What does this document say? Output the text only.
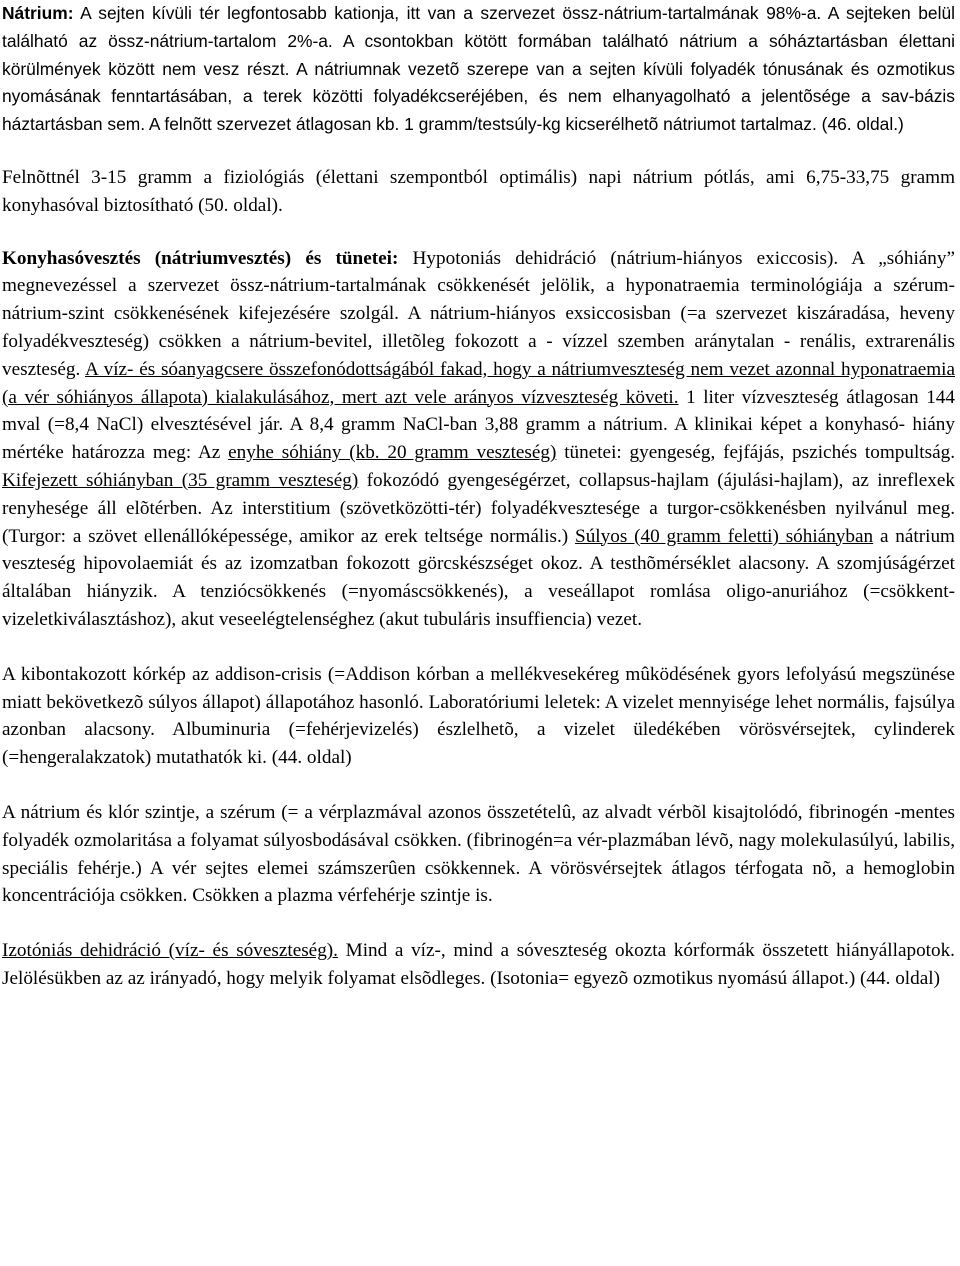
Nátrium: A sejten kívüli tér legfontosabb kationja, itt van a szervezet össz-nátrium-tartalmának 98%-a. A sejteken belül található az össz-nátrium-tartalom 2%-a. A csontokban kötött formában található nátrium a sóháztartásban élettani körülmények között nem vesz részt. A nátriumnak vezetõ szerepe van a sejten kívüli folyadék tónusának és ozmotikus nyomásának fenntartásában, a terek közötti folyadékcseréjében, és nem elhanyagolható a jelentõsége a sav-bázis háztartásban sem. A felnõtt szervezet átlagosan kb. 1 gramm/testsúly-kg kicserélhetõ nátriumot tartalmaz. (46. oldal.)

Felnõttnél 3-15 gramm a fiziológiás (élettani szempontból optimális) napi nátrium pótlás, ami 6,75-33,75 gramm konyhasóval biztosítható (50. oldal).

Konyhasóvesztés (nátriumvesztés) és tünetei: Hypotoniás dehidráció (nátrium-hiányos exiccosis). A „sóhiány” megnevezéssel a szervezet össz-nátrium-tartalmának csökkenését jelölik, a hyponatraemia terminológiája a szérum-nátrium-szint csökkenésének kifejezésére szolgál. A nátrium-hiányos exsiccosisban (=a szervezet kiszáradása, heveny folyadékveszteség) csökken a nátrium-bevitel, illetõleg fokozott a - vízzel szemben aránytalan - renális, extrarenális veszteség. A víz- és sóanyagcsere összefonódottságából fakad, hogy a nátriumveszteség nem vezet azonnal hyponatraemia (a vér sóhiányos állapota) kialakulásához, mert azt vele arányos vízveszteség követi. 1 liter vízveszteség átlagosan 144 mval (=8,4 NaCl) elvesztésével jár. A 8,4 gramm NaCl-ban 3,88 gramm a nátrium. A klinikai képet a konyhasó- hiány mértéke határozza meg: Az enyhe sóhiány (kb. 20 gramm veszteség) tünetei: gyengeség, fejfájás, pszichés tompultság. Kifejezett sóhiányban (35 gramm veszteség) fokozódó gyengeségérzet, collapsus-hajlam (ájulási-hajlam), az inreflexek renyhesége áll elõtérben. Az interstitium (szövetközötti-tér) folyadékvesztesége a turgor-csökkenésben nyilvánul meg. (Turgor: a szövet ellenállóképessége, amikor az erek teltsége normális.) Súlyos (40 gramm feletti) sóhiányban a nátrium veszteség hipovolaemiát és az izomzatban fokozott görcskészséget okoz. A testhõmérséklet alacsony. A szomjúságérzet általában hiányzik. A tenziócsökkenés (=nyomáscsökkenés), a veseállapot romlása oligo-anuriához (=csökkent-vizeletkiválasztáshoz), akut veseelégtelenséghez (akut tubuláris insuffiencia) vezet.

A kibontakozott kórkép az addison-crisis (=Addison kórban a mellékvesekéreg mûködésének gyors lefolyású megszünése miatt bekövetkezõ súlyos állapot) állapotához hasonló. Laboratóriumi leletek: A vizelet mennyisége lehet normális, fajsúlya azonban alacsony. Albuminuria (=fehérjevizelés) észlelhetõ, a vizelet üledékében vörösvérsejtek, cylinderek (=hengeralakzatok) mutathatók ki. (44. oldal)

A nátrium és klór szintje, a szérum (= a vérplazmával azonos összetételû, az alvadt vérbõl kisajtolódó, fibrinogén -mentes folyadék ozmolaritása a folyamat súlyosbodásával csökken. (fibrinogén=a vér-plazmában lévõ, nagy molekulasúlyú, labilis, speciális fehérje.) A vér sejtes elemei számszerûen csökkennek. A vörösvérsejtek átlagos térfogata nõ, a hemoglobin koncentrációja csökken. Csökken a plazma vérfehérje szintje is.

Izotóniás dehidráció (víz- és sóveszteség). Mind a víz-, mind a sóveszteség okozta kórformák összetett hiányállapotok. Jelölésükben az az irányadó, hogy melyik folyamat elsõdleges. (Isotonia= egyezõ ozmotikus nyomású állapot.) (44. oldal)
